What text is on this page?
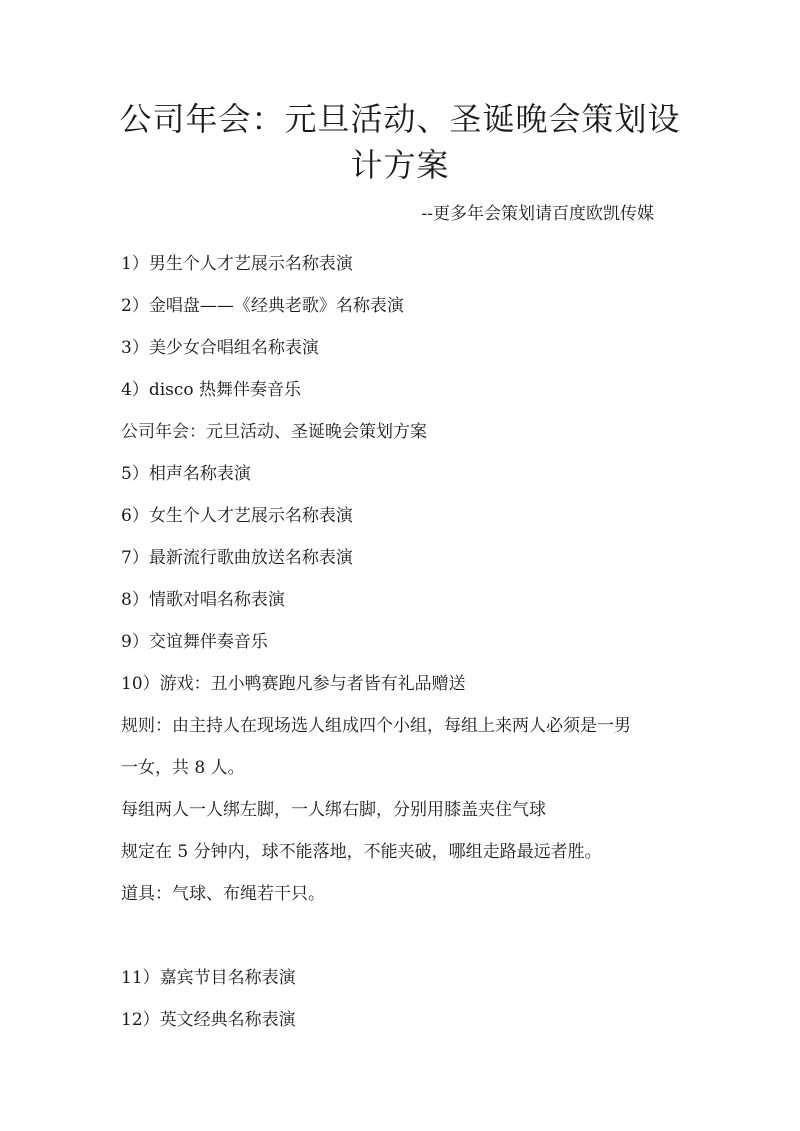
公司年会：元旦活动、圣诞晚会策划设
计方案
--更多年会策划请百度欧凯传媒
1）男生个人才艺展示名称表演
2）金唱盘——《经典老歌》名称表演
3）美少女合唱组名称表演
4）disco 热舞伴奏音乐
公司年会：元旦活动、圣诞晚会策划方案
5）相声名称表演
6）女生个人才艺展示名称表演
7）最新流行歌曲放送名称表演
8）情歌对唱名称表演
9）交谊舞伴奏音乐
10）游戏：丑小鸭赛跑凡参与者皆有礼品赠送
规则：由主持人在现场选人组成四个小组，每组上来两人必须是一男
一女，共 8 人。
每组两人一人绑左脚，一人绑右脚，分别用膝盖夹住气球
规定在 5 分钟内，球不能落地，不能夹破，哪组走路最远者胜。
道具：气球、布绳若干只。
11）嘉宾节目名称表演
12）英文经典名称表演
